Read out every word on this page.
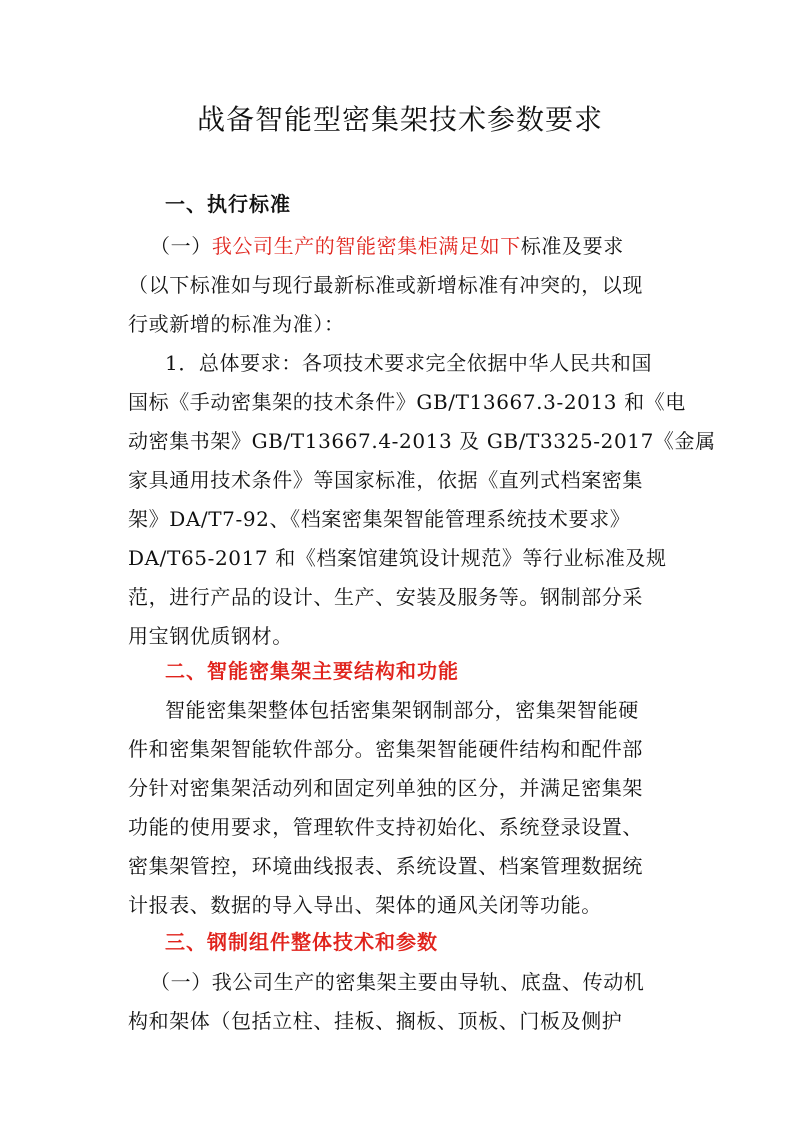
战备智能型密集架技术参数要求
一、执行标准
（一）我公司生产的智能密集柜满足如下标准及要求
（以下标准如与现行最新标准或新增标准有冲突的，以现
行或新增的标准为准）：
1．总体要求：各项技术要求完全依据中华人民共和国
国标《手动密集架的技术条件》GB/T13667.3-2013 和《电
动密集书架》GB/T13667.4-2013 及 GB/T3325-2017《金属
家具通用技术条件》等国家标准，依据《直列式档案密集
架》DA/T7-92、《档案密集架智能管理系统技术要求》
DA/T65-2017 和《档案馆建筑设计规范》等行业标准及规
范，进行产品的设计、生产、安装及服务等。钢制部分采
用宝钢优质钢材。
二、智能密集架主要结构和功能
智能密集架整体包括密集架钢制部分，密集架智能硬
件和密集架智能软件部分。密集架智能硬件结构和配件部
分针对密集架活动列和固定列单独的区分，并满足密集架
功能的使用要求，管理软件支持初始化、系统登录设置、
密集架管控，环境曲线报表、系统设置、档案管理数据统
计报表、数据的导入导出、架体的通风关闭等功能。
三、钢制组件整体技术和参数
（一）我公司生产的密集架主要由导轨、底盘、传动机
构和架体（包括立柱、挂板、搁板、顶板、门板及侧护
